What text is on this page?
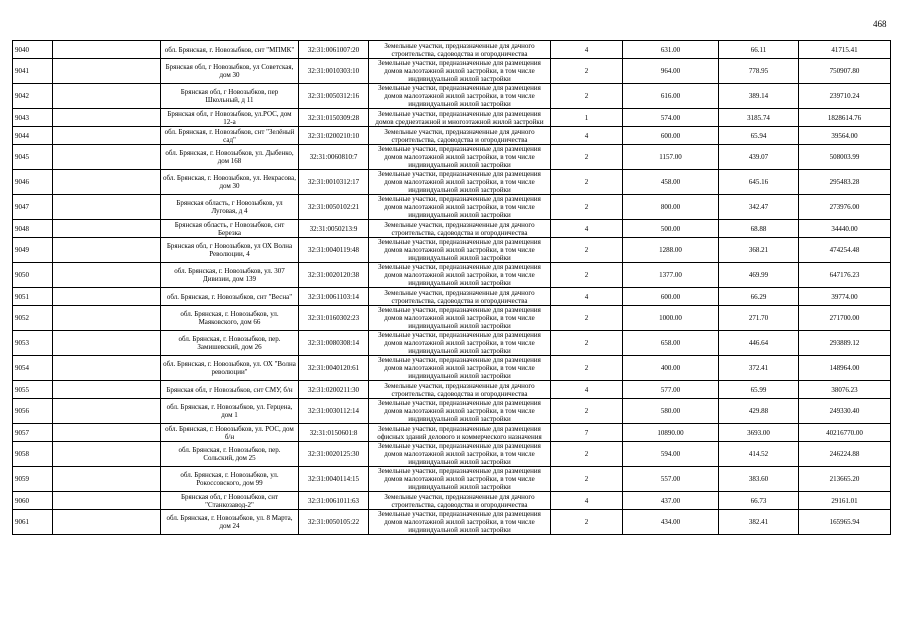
468
9040		обл. Брянская, г. Новозыбков, снт "МПМК"	32:31:0061007:20	Земельные участки, предназначенные для дачного строительства, садоводства и огородничества	4	631.00	66.11	41715.41
9041		Брянская обл, г Новозыбков, ул Советская, дом 30	32:31:0010303:10	Земельные участки, предназначенные для размещения домов малоэтажной жилой застройки, в том числе индивидуальной жилой застройки	2	964.00	778.95	750907.80
9042		Брянская обл, г Новозыбков, пер Школьный, д 11	32:31:0050312:16	Земельные участки, предназначенные для размещения домов малоэтажной жилой застройки, в том числе индивидуальной жилой застройки	2	616.00	389.14	239710.24
9043		Брянская обл, г Новозыбков, ул.РОС, дом 12-а	32:31:0150309:28	Земельные участки, предназначенные для размещения домов среднеэтажной и многоэтажной жилой застройки	1	574.00	3185.74	1828614.76
9044		обл. Брянская, г. Новозыбков, снт "Зелёный сад"	32:31:0200210:10	Земельные участки, предназначенные для дачного строительства, садоводства и огородничества	4	600.00	65.94	39564.00
9045		обл. Брянская, г. Новозыбков, ул. Дыбенко, дом 168	32:31:0060810:7	Земельные участки, предназначенные для размещения домов малоэтажной жилой застройки, в том числе индивидуальной жилой застройки	2	1157.00	439.07	508003.99
9046		обл. Брянская, г. Новозыбков, ул. Некрасова, дом 30	32:31:0010312:17	Земельные участки, предназначенные для размещения домов малоэтажной жилой застройки, в том числе индивидуальной жилой застройки	2	458.00	645.16	295483.28
9047		Брянская область, г Новозыбков, ул Луговая, д 4	32:31:0050102:21	Земельные участки, предназначенные для размещения домов малоэтажной жилой застройки, в том числе индивидуальной жилой застройки	2	800.00	342.47	273976.00
9048		Брянская область, г Новозыбков, снт Березка	32:31:0050213:9	Земельные участки, предназначенные для дачного строительства, садоводства и огородничества	4	500.00	68.88	34440.00
9049		Брянская обл, г Новозыбков, ул ОХ Волна Революции, 4	32:31:0040119:48	Земельные участки, предназначенные для размещения домов малоэтажной жилой застройки, в том числе индивидуальной жилой застройки	2	1288.00	368.21	474254.48
9050		обл. Брянская, г. Новозыбков, ул. 307 Дивизии, дом 139	32:31:0020120:38	Земельные участки, предназначенные для размещения домов малоэтажной жилой застройки, в том числе индивидуальной жилой застройки	2	1377.00	469.99	647176.23
9051		обл. Брянская, г. Новозыбков, снт "Весна"	32:31:0061103:14	Земельные участки, предназначенные для дачного строительства, садоводства и огородничества	4	600.00	66.29	39774.00
9052		обл. Брянская, г. Новозыбков, ул. Маяковского, дом 66	32:31:0160302:23	Земельные участки, предназначенные для размещения домов малоэтажной жилой застройки, в том числе индивидуальной жилой застройки	2	1000.00	271.70	271700.00
9053		обл. Брянская, г. Новозыбков, пер. Замишевский, дом 26	32:31:0080308:14	Земельные участки, предназначенные для размещения домов малоэтажной жилой застройки, в том числе индивидуальной жилой застройки	2	658.00	446.64	293889.12
9054		обл. Брянская, г. Новозыбков, ул. ОХ "Волна революции"	32:31:0040120:61	Земельные участки, предназначенные для размещения домов малоэтажной жилой застройки, в том числе индивидуальной жилой застройки	2	400.00	372.41	148964.00
9055		Брянская обл, г Новозыбков, снт СМУ, б/н	32:31:0200211:30	Земельные участки, предназначенные для дачного строительства, садоводства и огородничества	4	577.00	65.99	38076.23
9056		обл. Брянская, г. Новозыбков, ул. Герцена, дом 1	32:31:0030112:14	Земельные участки, предназначенные для размещения домов малоэтажной жилой застройки, в том числе индивидуальной жилой застройки	2	580.00	429.88	249330.40
9057		обл. Брянская, г. Новозыбков, ул. РОС, дом б/н	32:31:0150601:8	Земельные участки, предназначенные для размещения офисных зданий делового и коммерческого назначения	7	10890.00	3693.00	40216770.00
9058		обл. Брянская, г. Новозыбков, пер. Сольский, дом 25	32:31:0020125:30	Земельные участки, предназначенные для размещения домов малоэтажной жилой застройки, в том числе индивидуальной жилой застройки	2	594.00	414.52	246224.88
9059		обл. Брянская, г. Новозыбков, ул. Рокоссовского, дом 99	32:31:0040114:15	Земельные участки, предназначенные для размещения домов малоэтажной жилой застройки, в том числе индивидуальной жилой застройки	2	557.00	383.60	213665.20
9060		Брянская обл, г Новозыбков, снт "Станкозавод-2"	32:31:0061011:63	Земельные участки, предназначенные для дачного строительства, садоводства и огородничества	4	437.00	66.73	29161.01
9061		обл. Брянская, г. Новозыбков, ул. 8 Марта, дом 24	32:31:0050105:22	Земельные участки, предназначенные для размещения домов малоэтажной жилой застройки, в том числе индивидуальной жилой застройки	2	434.00	382.41	165965.94
